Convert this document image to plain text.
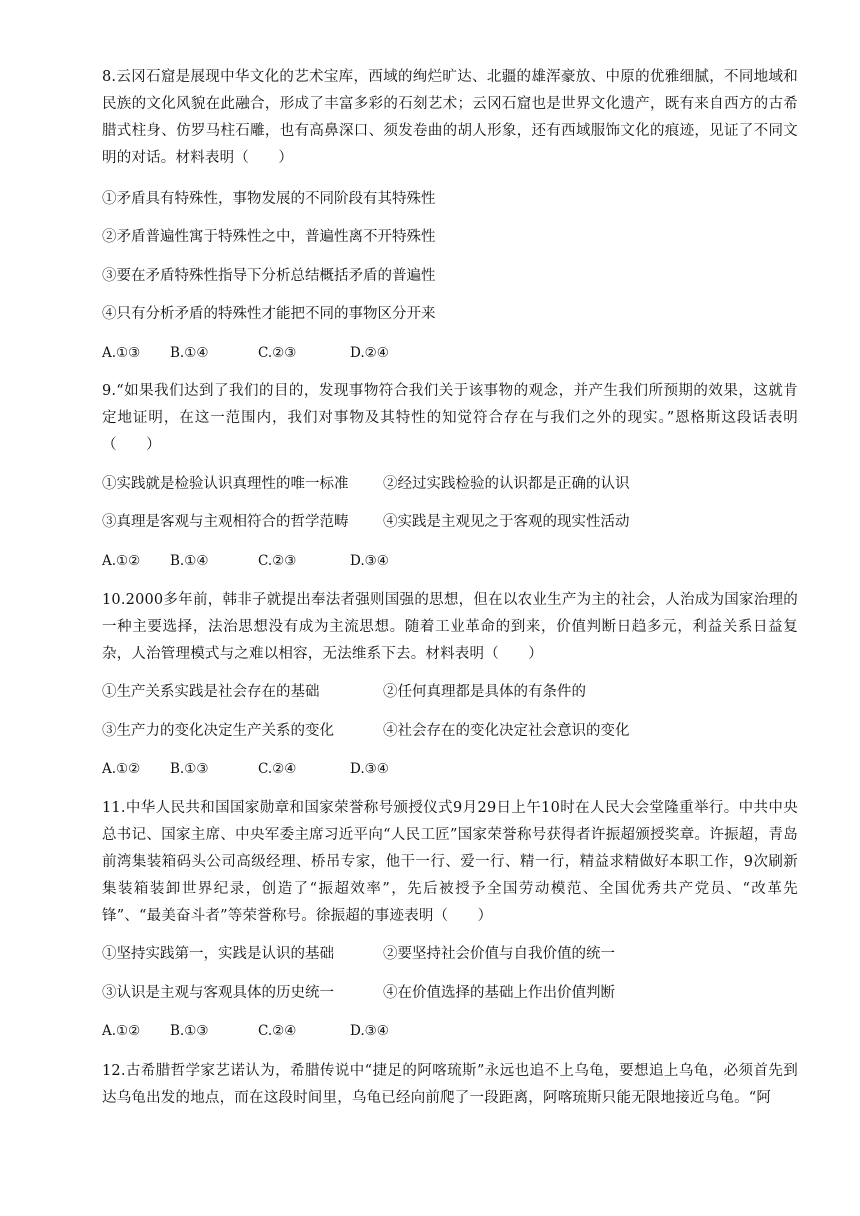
8.云冈石窟是展现中华文化的艺术宝库，西域的绚烂旷达、北疆的雄浑豪放、中原的优雅细腻，不同地域和民族的文化风貌在此融合，形成了丰富多彩的石刻艺术；云冈石窟也是世界文化遗产，既有来自西方的古希腊式柱身、仿罗马柱石雕，也有高鼻深口、须发卷曲的胡人形象，还有西域服饰文化的痕迹，见证了不同文明的对话。材料表明（　　）

①矛盾具有特殊性，事物发展的不同阶段有其特殊性
②矛盾普遍性寓于特殊性之中，普遍性离不开特殊性
③要在矛盾特殊性指导下分析总结概括矛盾的普遍性
④只有分析矛盾的特殊性才能把不同的事物区分开来
A.①③ B.①④	C.②③	D.②④

9.“如果我们达到了我们的目的，发现事物符合我们关于该事物的观念，并产生我们所预期的效果，这就肯定地证明，在这一范围内，我们对事物及其特性的知觉符合存在与我们之外的现实。”恩格斯这段话表明（　　）

①实践就是检验认识真理性的唯一标准 ②经过实践检验的认识都是正确的认识
③真理是客观与主观相符合的哲学范畴 ④实践是主观见之于客观的现实性活动
A.①② B.①④	C.②③	D.③④

10.2000多年前，韩非子就提出奉法者强则国强的思想，但在以农业生产为主的社会，人治成为国家治理的一种主要选择，法治思想没有成为主流思想。随着工业革命的到来，价值判断日趋多元，利益关系日益复杂，人治管理模式与之难以相容，无法维系下去。材料表明（　　）

①生产关系实践是社会存在的基础	②任何真理都是具体的有条件的
③生产力的变化决定生产关系的变化	④社会存在的变化决定社会意识的变化
A.①② B.①③	C.②④	D.③④

11.中华人民共和国国家勋章和国家荣誉称号颁授仪式9月29日上午10时在人民大会堂隆重举行。中共中央总书记、国家主席、中央军委主席习近平向“人民工匠”国家荣誉称号获得者许振超颁授奖章。许振超，青岛前湾集装箱码头公司高级经理、桥吊专家，他干一行、爱一行、精一行，精益求精做好本职工作，9次刷新集装箱装卸世界纪录，创造了“振超效率”，先后被授予全国劳动模范、全国优秀共产党员、“改革先锋”、“最美奋斗者”等荣誉称号。徐振超的事迹表明（　　）

①坚持实践第一，实践是认识的基础	②要坚持社会价值与自我价值的统一
③认识是主观与客观具体的历史统一	④在价值选择的基础上作出价值判断
A.①② B.①③	C.②④	D.③④

12.古希腊哲学家艺诺认为，希腊传说中“捷足的阿喀琉斯”永远也追不上乌龟，要想追上乌龟，必须首先到达乌龟出发的地点，而在这段时间里，乌龟已经向前爬了一段距离，阿喀琉斯只能无限地接近乌龟。“阿
